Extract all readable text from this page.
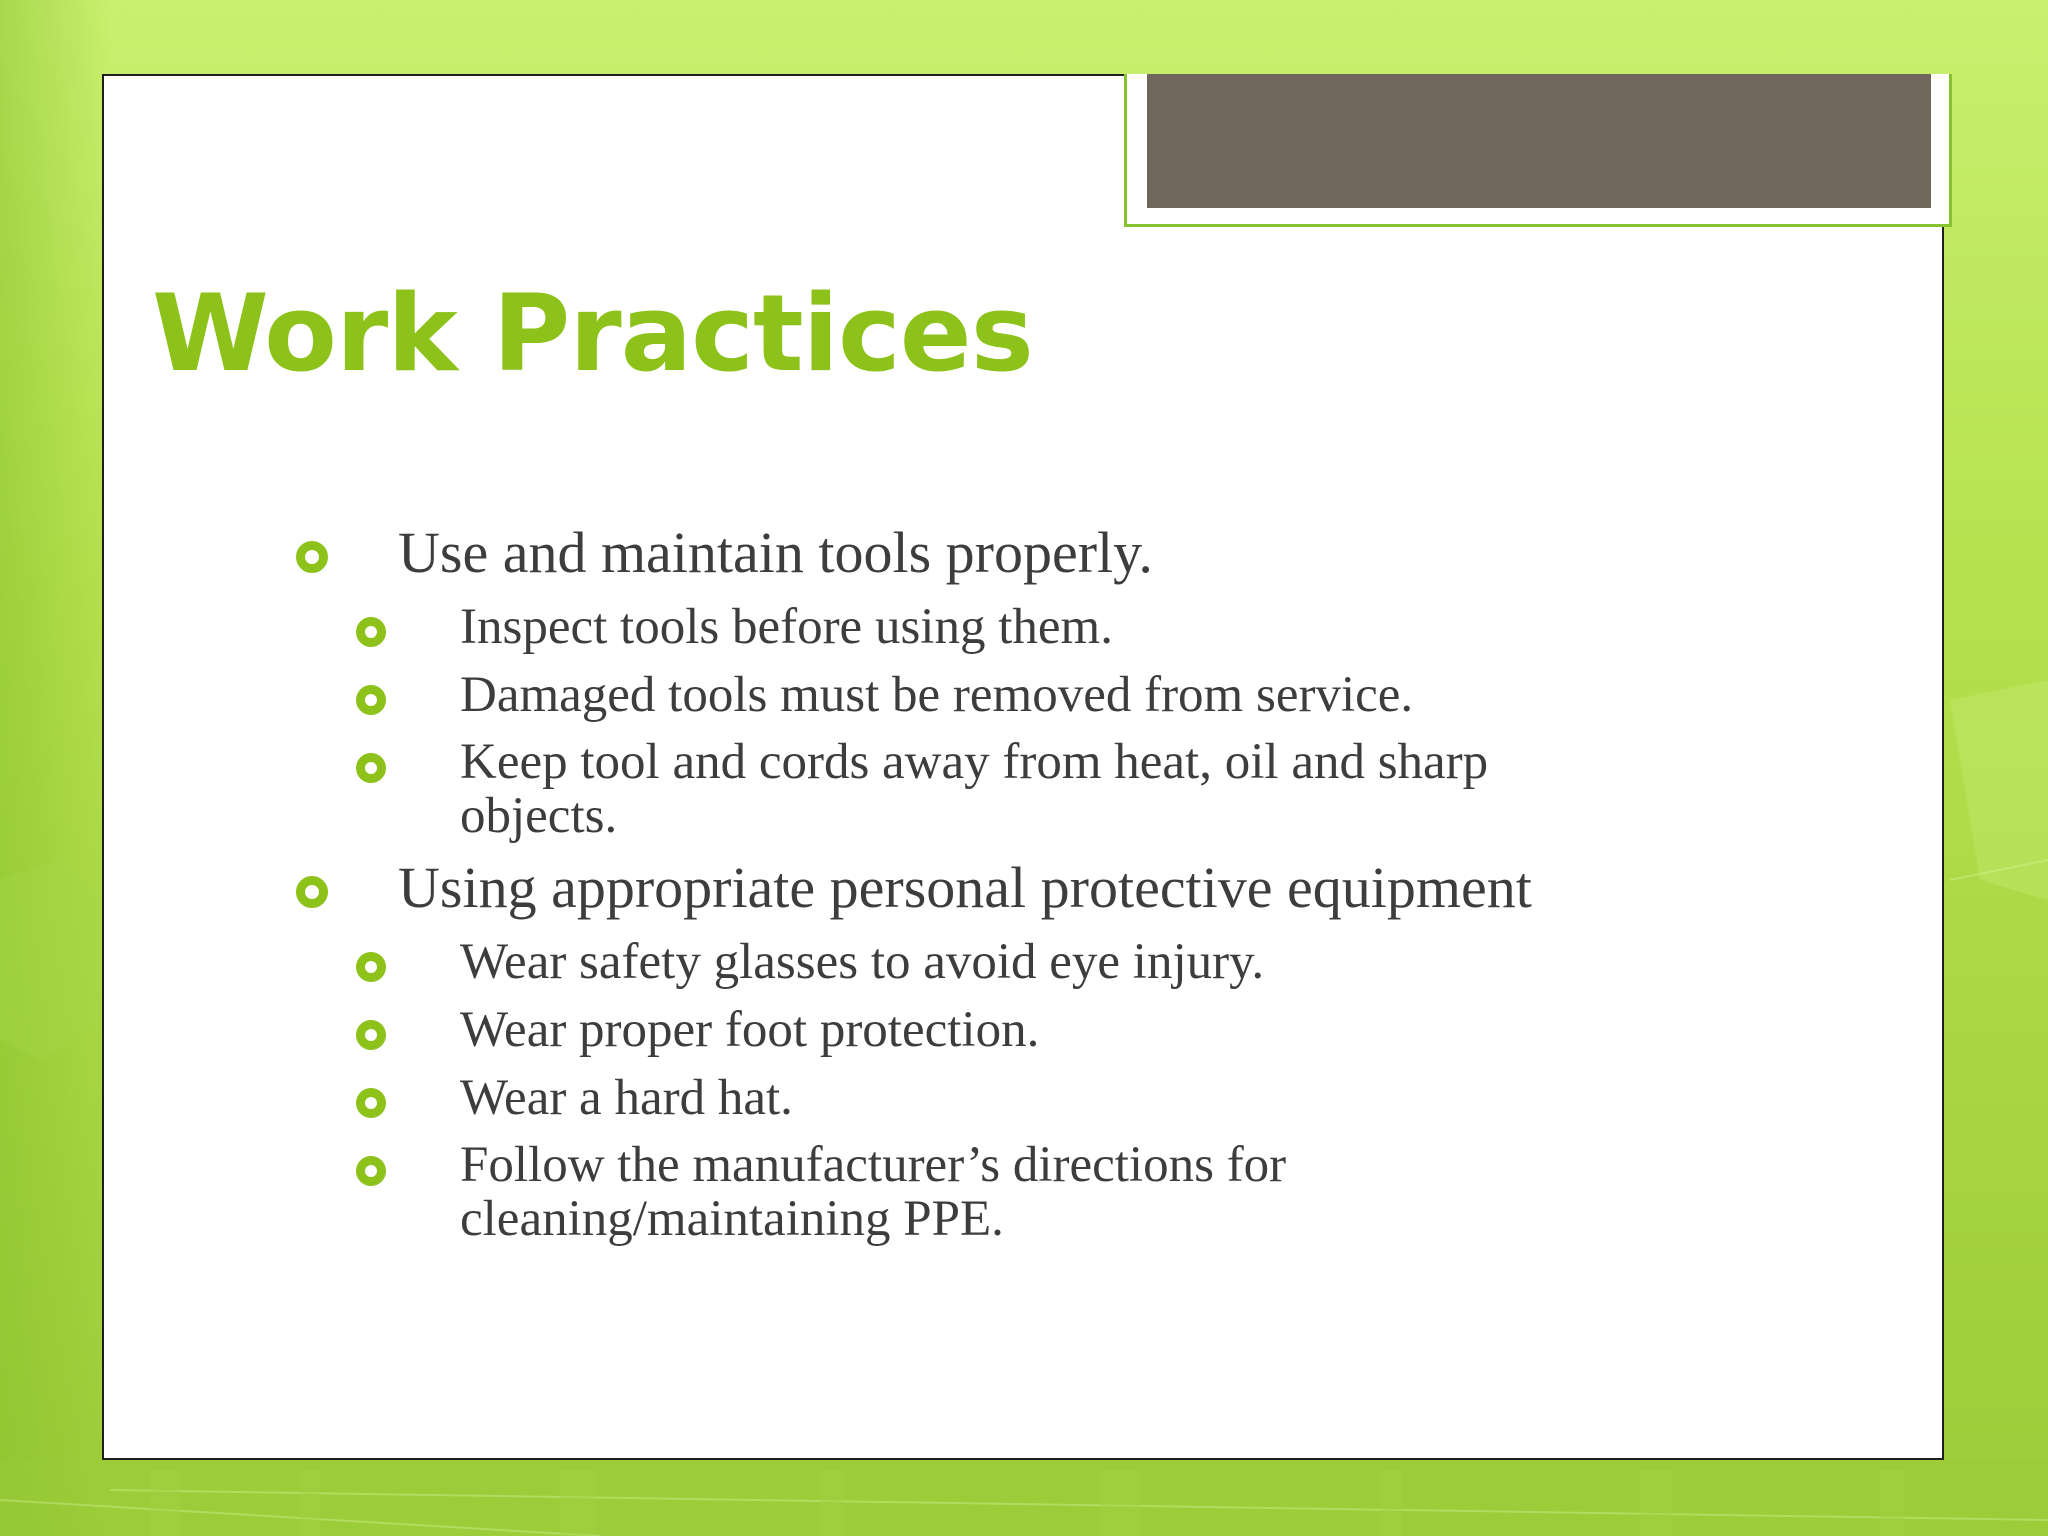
Work Practices
Use and maintain tools properly.
Inspect tools before using them.
Damaged tools must be removed from service.
Keep tool and cords away from heat, oil and sharp
objects.
Using appropriate personal protective equipment
Wear safety glasses to avoid eye injury.
Wear proper foot protection.
Wear a hard hat.
Follow the manufacturer’s directions for
cleaning/maintaining PPE.
